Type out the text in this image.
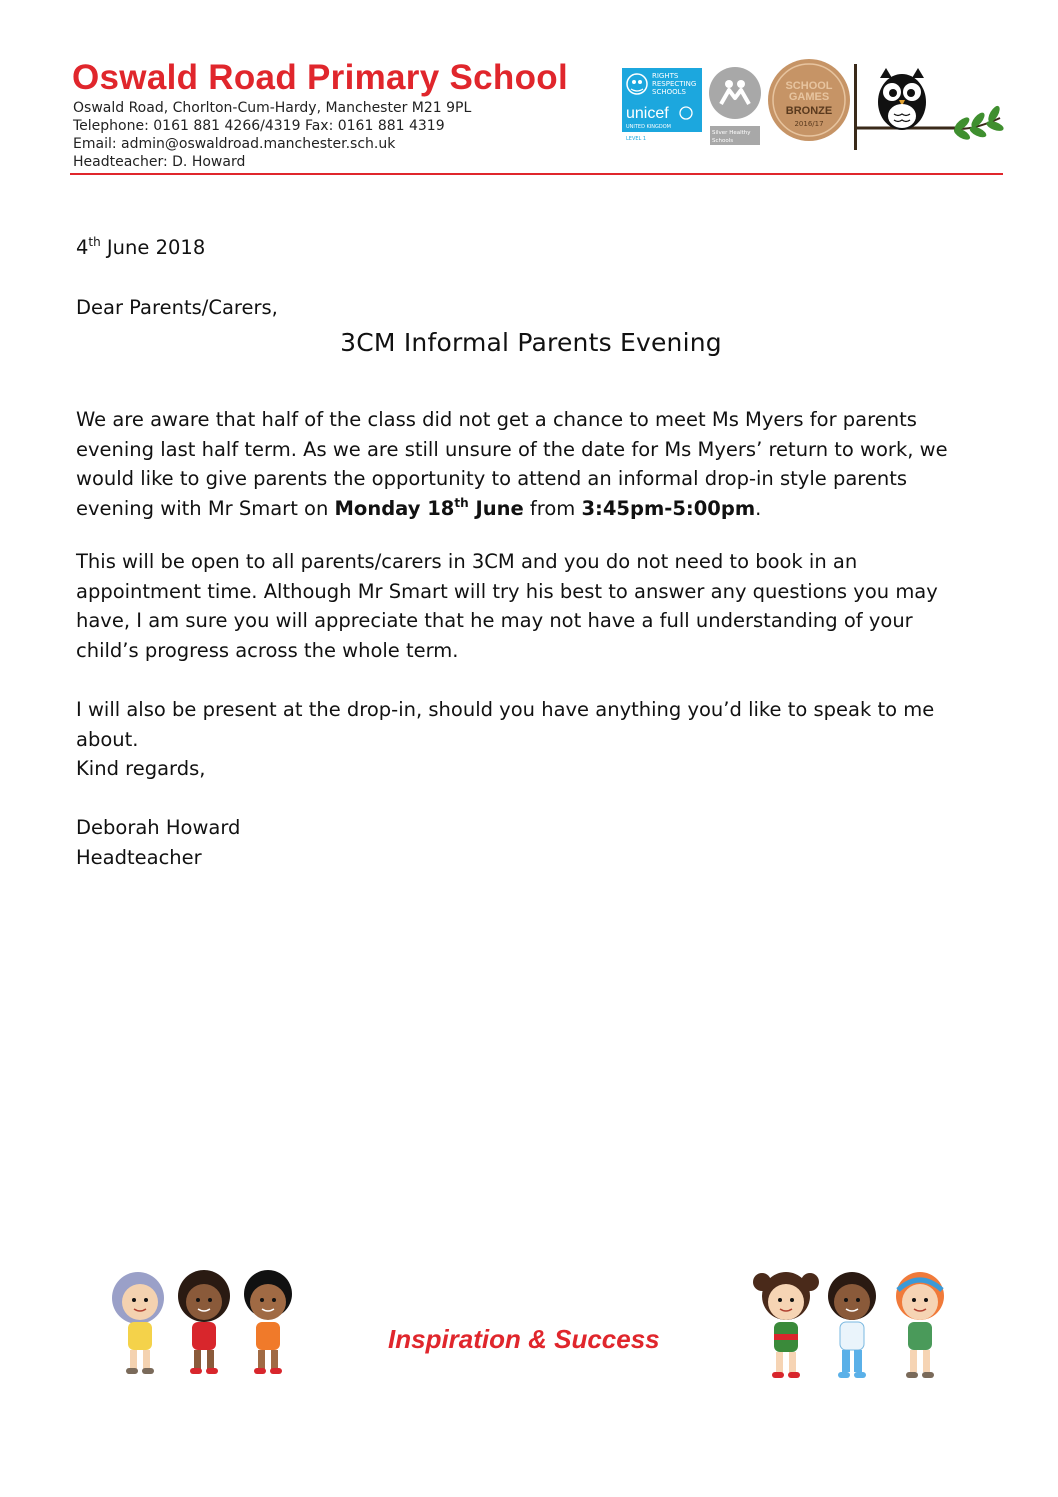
Oswald Road Primary School
Oswald Road, Chorlton-Cum-Hardy, Manchester M21 9PL
Telephone: 0161 881 4266/4319 Fax: 0161 881 4319
Email: admin@oswaldroad.manchester.sch.uk
Headteacher: D. Howard
RIGHTS
RESPECTING
SCHOOLS
unicef
UNITED KINGDOM
LEVEL 1
Silver Healthy
Schools
SCHOOL
GAMES
BRONZE
2016/17

4th June 2018

Dear Parents/Carers,

3CM Informal Parents Evening

We are aware that half of the class did not get a chance to meet Ms Myers for parents evening last half term. As we are still unsure of the date for Ms Myers’ return to work, we would like to give parents the opportunity to attend an informal drop-in style parents evening with Mr Smart on Monday 18th June from 3:45pm-5:00pm.

This will be open to all parents/carers in 3CM and you do not need to book in an appointment time. Although Mr Smart will try his best to answer any questions you may have, I am sure you will appreciate that he may not have a full understanding of your child’s progress across the whole term.

I will also be present at the drop-in, should you have anything you’d like to speak to me about.

Kind regards,

Deborah Howard

Headteacher

Inspiration & Success
